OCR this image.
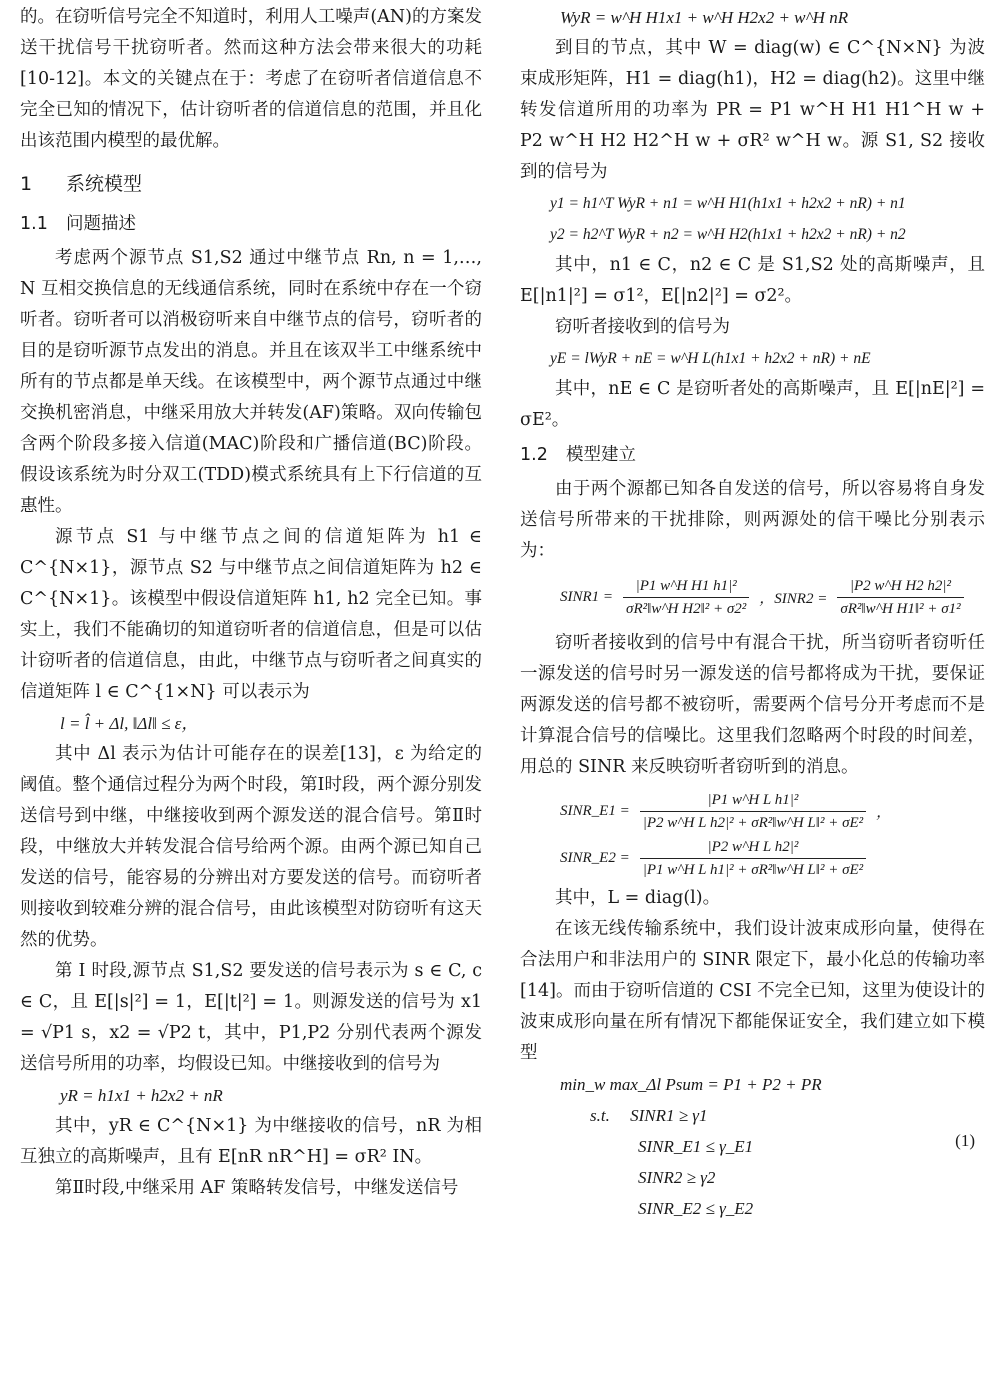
的。在窃听信号完全不知道时，利用人工噪声(AN)的方案发送干扰信号干扰窃听者。然而这种方法会带来很大的功耗[10-12]。本文的关键点在于：考虑了在窃听者信道信息不完全已知的情况下，估计窃听者的信道信息的范围，并且化出该范围内模型的最优解。

1 系统模型
1.1 问题描述

考虑两个源节点 S1,S2 通过中继节点 Rn, n = 1,…, N 互相交换信息的无线通信系统，同时在系统中存在一个窃听者。窃听者可以消极窃听来自中继节点的信号，窃听者的目的是窃听源节点发出的消息。并且在该双半工中继系统中所有的节点都是单天线。在该模型中，两个源节点通过中继交换机密消息，中继采用放大并转发(AF)策略。双向传输包含两个阶段多接入信道(MAC)阶段和广播信道(BC)阶段。假设该系统为时分双工(TDD)模式系统具有上下行信道的互惠性。

源节点 S1 与中继节点之间的信道矩阵为 h1 ∈ C^{N×1}，源节点 S2 与中继节点之间信道矩阵为 h2 ∈ C^{N×1}。该模型中假设信道矩阵 h1, h2 完全已知。事实上，我们不能确切的知道窃听者的信道信息，但是可以估计窃听者的信道信息，由此，中继节点与窃听者之间真实的信道矩阵 l ∈ C^{1×N} 可以表示为

l = l̂ + Δl, ‖Δl‖ ≤ ε，

其中 Δl 表示为估计可能存在的误差[13]，ε 为给定的阈值。整个通信过程分为两个时段，第Ⅰ时段，两个源分别发送信号到中继，中继接收到两个源发送的混合信号。第Ⅱ时段，中继放大并转发混合信号给两个源。由两个源已知自己发送的信号，能容易的分辨出对方要发送的信号。而窃听者则接收到较难分辨的混合信号，由此该模型对防窃听有这天然的优势。

第 Ⅰ 时段,源节点 S1,S2 要发送的信号表示为 s ∈ C, c ∈ C，且 E[|s|²] = 1，E[|t|²] = 1。则源发送的信号为 x1 = √P1 s，x2 = √P2 t，其中，P1,P2 分别代表两个源发送信号所用的功率，均假设已知。中继接收到的信号为

yR = h1x1 + h2x2 + nR

其中，yR ∈ C^{N×1} 为中继接收的信号，nR 为相互独立的高斯噪声，且有 E[nR nR^H] = σR² IN。

第Ⅱ时段,中继采用 AF 策略转发信号，中继发送信号

WyR = w^H H1x1 + w^H H2x2 + w^H nR

到目的节点，其中 W = diag(w) ∈ C^{N×N} 为波束成形矩阵，H1 = diag(h1)，H2 = diag(h2)。这里中继转发信道所用的功率为 PR = P1 w^H H1 H1^H w + P2 w^H H2 H2^H w + σR² w^H w。源 S1, S2 接收到的信号为

y1 = h1^T WyR + n1 = w^H H1(h1x1 + h2x2 + nR) + n1

y2 = h2^T WyR + n2 = w^H H2(h1x1 + h2x2 + nR) + n2

其中，n1 ∈ C，n2 ∈ C 是 S1,S2 处的高斯噪声，且 E[|n1|²] = σ1²，E[|n2|²] = σ2²。

窃听者接收到的信号为

yE = lWyR + nE = w^H L(h1x1 + h2x2 + nR) + nE

其中，nE ∈ C 是窃听者处的高斯噪声，且 E[|nE|²] = σE²。

1.2 模型建立

由于两个源都已知各自发送的信号，所以容易将自身发送信号所带来的干扰排除，则两源处的信干噪比分别表示为：

SINR1 = $\frac{\text{|P1 w\textasciicircum{}H H1 h1|²}}{\text{σR²‖w\textasciicircum{}H H2‖² + σ2²}}$ ，SINR2 = $\frac{\text{|P2 w\textasciicircum{}H H2 h2|²}}{\text{σR²‖w\textasciicircum{}H H1‖² + σ1²}}$

窃听者接收到的信号中有混合干扰，所当窃听者窃听任一源发送的信号时另一源发送的信号都将成为干扰，要保证两源发送的信号都不被窃听，需要两个信号分开考虑而不是计算混合信号的信噪比。这里我们忽略两个时段的时间差，用总的 SINR 来反映窃听者窃听到的消息。

SINR_E1 = $\frac{\text{|P1 w\textasciicircum{}H L h1|²}}{\text{|P2 w\textasciicircum{}H L h2|² + σR²‖w\textasciicircum{}H L‖² + σE²}}$ ，
SINR_E2 = $\frac{\text{|P2 w\textasciicircum{}H L h2|²}}{\text{|P1 w\textasciicircum{}H L h1|² + σR²‖w\textasciicircum{}H L‖² + σE²}}$

其中，L = diag(l)。

在该无线传输系统中，我们设计波束成形向量，使得在合法用户和非法用户的 SINR 限定下，最小化总的传输功率[14]。而由于窃听信道的 CSI 不完全已知，这里为使设计的波束成形向量在所有情况下都能保证安全，我们建立如下模型

min_w max_Δl Psum = P1 + P2 + PR
s.t. SINR1 ≥ γ1
SINR_E1 ≤ γ_E1
SINR2 ≥ γ2
SINR_E2 ≤ γ_E2
(1)
